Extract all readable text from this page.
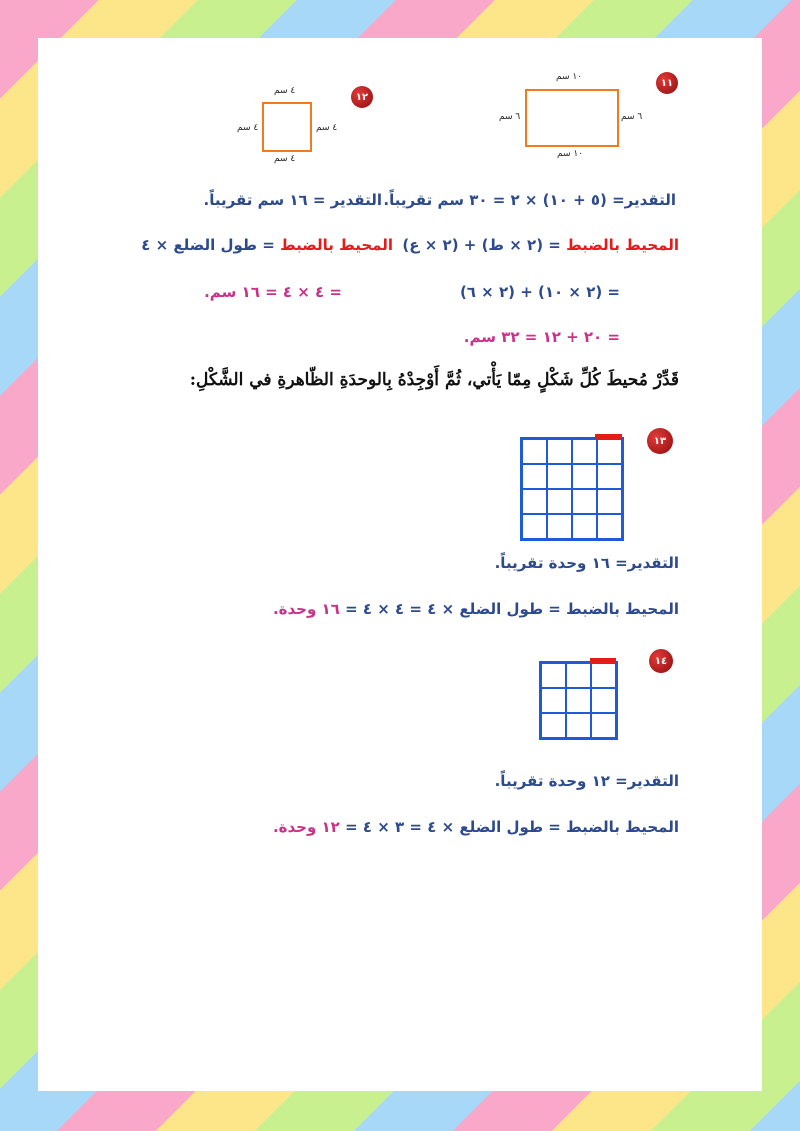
١١
١٠ سم
٦ سم	٦ سم
١٠ سم
١٢
٤ سم
٤ سم	٤ سم
٤ سم
التقدير= (٥ + ١٠) × ٢ = ٣٠ سم تقريباً.
التقدير = ١٦ سم تقريباً.
المحيط بالضبط = (٢ × ط) + (٢ × ع)
المحيط بالضبط = طول الضلع × ٤
= (٢ × ١٠) + (٢ × ٦)
= ٤ × ٤ = ١٦ سم.
= ٢٠ + ١٢ = ٣٢ سم.
قَدِّرْ مُحيطَ كُلِّ شَكْلٍ مِمّا يَأْتي، ثُمَّ أَوْجِدْهُ بِالوحدَةِ الظّاهرةِ في الشَّكْلِ:
١٣
التقدير= ١٦ وحدة تقريباً.
المحيط بالضبط = طول الضلع × ٤ = ٤ × ٤ = ١٦ وحدة.
١٤
التقدير= ١٢ وحدة تقريباً.
المحيط بالضبط = طول الضلع × ٤ = ٣ × ٤ = ١٢ وحدة.
